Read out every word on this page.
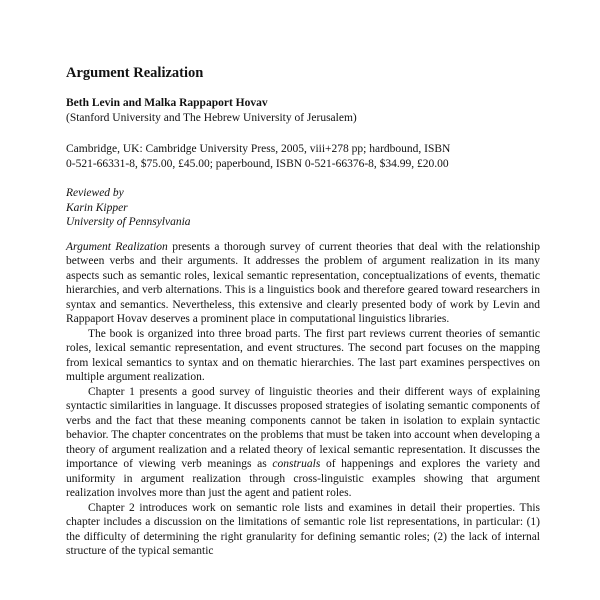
Argument Realization
Beth Levin and Malka Rappaport Hovav
(Stanford University and The Hebrew University of Jerusalem)
Cambridge, UK: Cambridge University Press, 2005, viii+278 pp; hardbound, ISBN
0-521-66331-8, $75.00, £45.00; paperbound, ISBN 0-521-66376-8, $34.99, £20.00
Reviewed by
Karin Kipper
University of Pennsylvania

Argument Realization presents a thorough survey of current theories that deal with the relationship between verbs and their arguments. It addresses the problem of argument realization in its many aspects such as semantic roles, lexical semantic representation, conceptualizations of events, thematic hierarchies, and verb alternations. This is a linguistics book and therefore geared toward researchers in syntax and semantics. Nevertheless, this extensive and clearly presented body of work by Levin and Rappaport Hovav deserves a prominent place in computational linguistics libraries.

The book is organized into three broad parts. The first part reviews current theories of semantic roles, lexical semantic representation, and event structures. The second part focuses on the mapping from lexical semantics to syntax and on thematic hierarchies. The last part examines perspectives on multiple argument realization.

Chapter 1 presents a good survey of linguistic theories and their different ways of explaining syntactic similarities in language. It discusses proposed strategies of isolating semantic components of verbs and the fact that these meaning components cannot be taken in isolation to explain syntactic behavior. The chapter concentrates on the problems that must be taken into account when developing a theory of argument realization and a related theory of lexical semantic representation. It discusses the importance of viewing verb meanings as construals of happenings and explores the variety and uniformity in argument realization through cross-linguistic examples showing that argument realization involves more than just the agent and patient roles.

Chapter 2 introduces work on semantic role lists and examines in detail their properties. This chapter includes a discussion on the limitations of semantic role list representations, in particular: (1) the difficulty of determining the right granularity for defining semantic roles; (2) the lack of internal structure of the typical semantic
